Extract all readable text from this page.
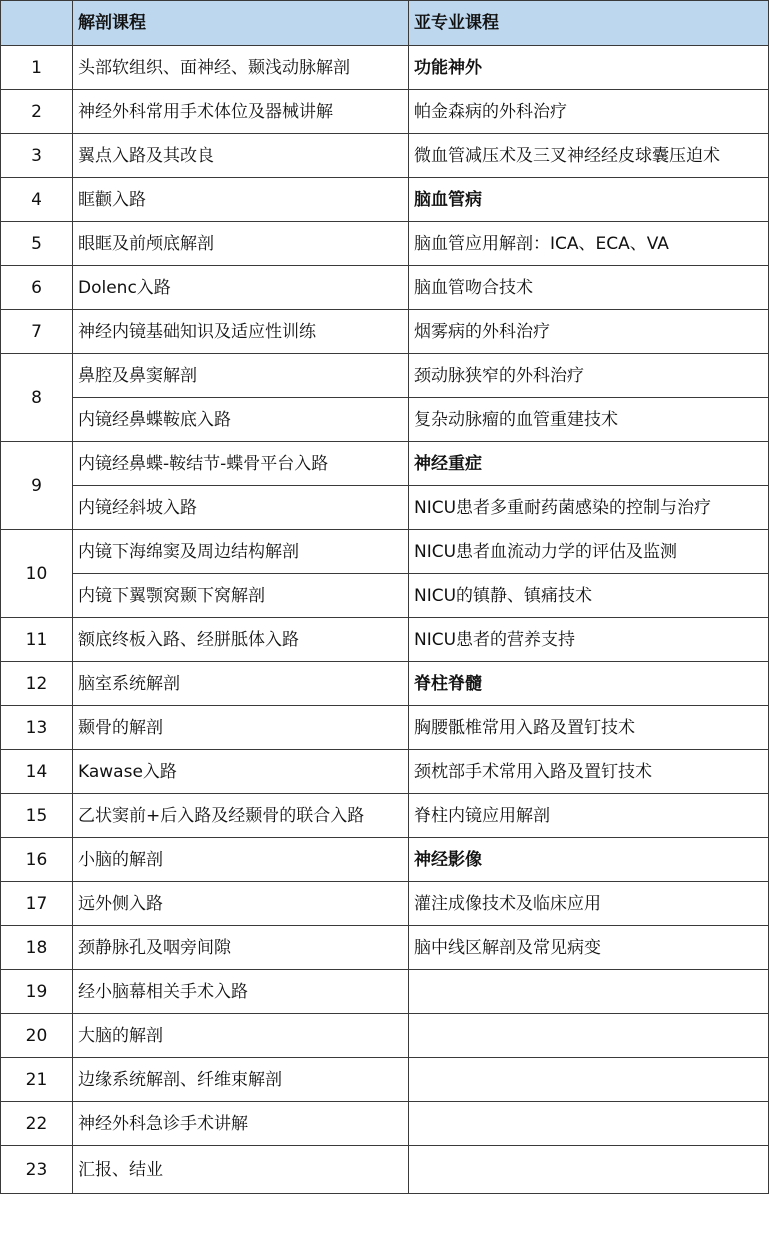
	解剖课程	亚专业课程
1	头部软组织、面神经、颞浅动脉解剖	功能神外
2	神经外科常用手术体位及器械讲解	帕金森病的外科治疗
3	翼点入路及其改良	微血管减压术及三叉神经经皮球囊压迫术
4	眶颧入路	脑血管病
5	眼眶及前颅底解剖	脑血管应用解剖：ICA、ECA、VA
6	Dolenc入路	脑血管吻合技术
7	神经内镜基础知识及适应性训练	烟雾病的外科治疗
8	鼻腔及鼻窦解剖	颈动脉狭窄的外科治疗
	内镜经鼻蝶鞍底入路	复杂动脉瘤的血管重建技术
9	内镜经鼻蝶-鞍结节-蝶骨平台入路	神经重症
	内镜经斜坡入路	NICU患者多重耐药菌感染的控制与治疗
10	内镜下海绵窦及周边结构解剖	NICU患者血流动力学的评估及监测
	内镜下翼颚窝颞下窝解剖	NICU的镇静、镇痛技术
11	额底终板入路、经胼胝体入路	NICU患者的营养支持
12	脑室系统解剖	脊柱脊髓
13	颞骨的解剖	胸腰骶椎常用入路及置钉技术
14	Kawase入路	颈枕部手术常用入路及置钉技术
15	乙状窦前+后入路及经颞骨的联合入路	脊柱内镜应用解剖
16	小脑的解剖	神经影像
17	远外侧入路	灌注成像技术及临床应用
18	颈静脉孔及咽旁间隙	脑中线区解剖及常见病变
19	经小脑幕相关手术入路	
20	大脑的解剖	
21	边缘系统解剖、纤维束解剖	
22	神经外科急诊手术讲解	
23	汇报、结业	
